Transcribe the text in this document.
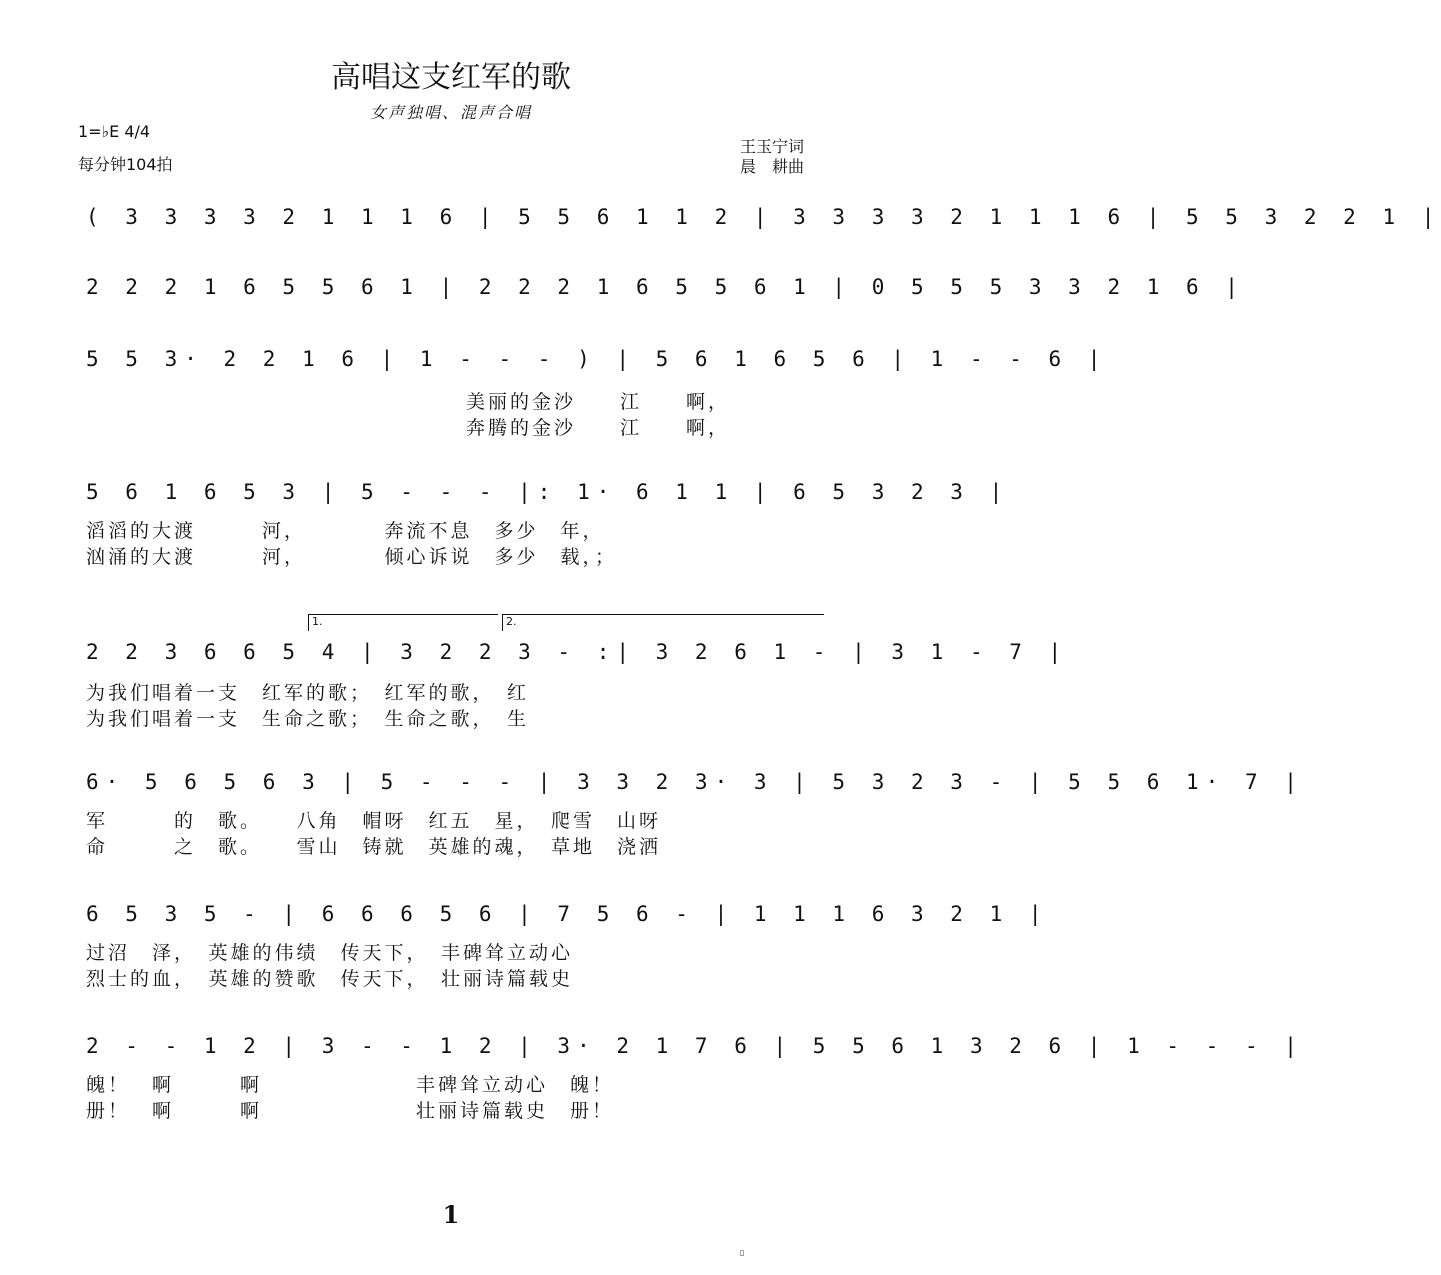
高唱这支红军的歌
女声独唱、混声合唱
1=♭E 4/4
每分钟104拍
王玉宁词
晨　耕曲
( 3 3 3 3 2 1 1 1 6 | 5 5 6 1 1 2 | 3 3 3 3 2 1 1 1 6 | 5 5 3 2 2 1 |
2 2 2 1 6 5 5 6 1 | 2 2 2 1 6 5 5 6 1 | 0 5 5 5 3 3 2 1 6 |
5 5 3· 2 2 1 6 | 1 - - - ) | 5 6 1 6 5 6 | 1 - - 6 |
美丽的金沙　　江　　啊，
奔腾的金沙　　江　　啊，
5 6 1 6 5 3 | 5 - - - |: 1· 6 1 1 | 6 5 3 2 3 |
滔滔的大渡　　　河，　　　　奔流不息　多少　年，
汹涌的大渡　　　河，　　　　倾心诉说　多少　载，；
1.	2.
2 2 3 6 6 5 4 | 3 2 2 3 - :| 3 2 6 1 - | 3 1 - 7 |
为我们唱着一支　红军的歌；　红军的歌，　红
为我们唱着一支　生命之歌；　生命之歌，　生
6· 5 6 5 6 3 | 5 - - - | 3 3 2 3· 3 | 5 3 2 3 - | 5 5 6 1· 7 |
军　　　的　歌。　　八角　帽呀　红五　星，　爬雪　山呀
命　　　之　歌。　　雪山　铸就　英雄的魂，　草地　浇洒
6 5 3 5 - | 6 6 6 5 6 | 7 5 6 - | 1 1 1 6 3 2 1 |
过沼　泽，　英雄的伟绩　传天下，　丰碑耸立动心
烈士的血，　英雄的赞歌　传天下，　壮丽诗篇载史
2 - - 1 2 | 3 - - 1 2 | 3· 2 1 7 6 | 5 5 6 1 3 2 6 | 1 - - - |
魄！　啊　　　啊　　　　　　　丰碑耸立动心　魄！
册！　啊　　　啊　　　　　　　壮丽诗篇载史　册！
1
▯
